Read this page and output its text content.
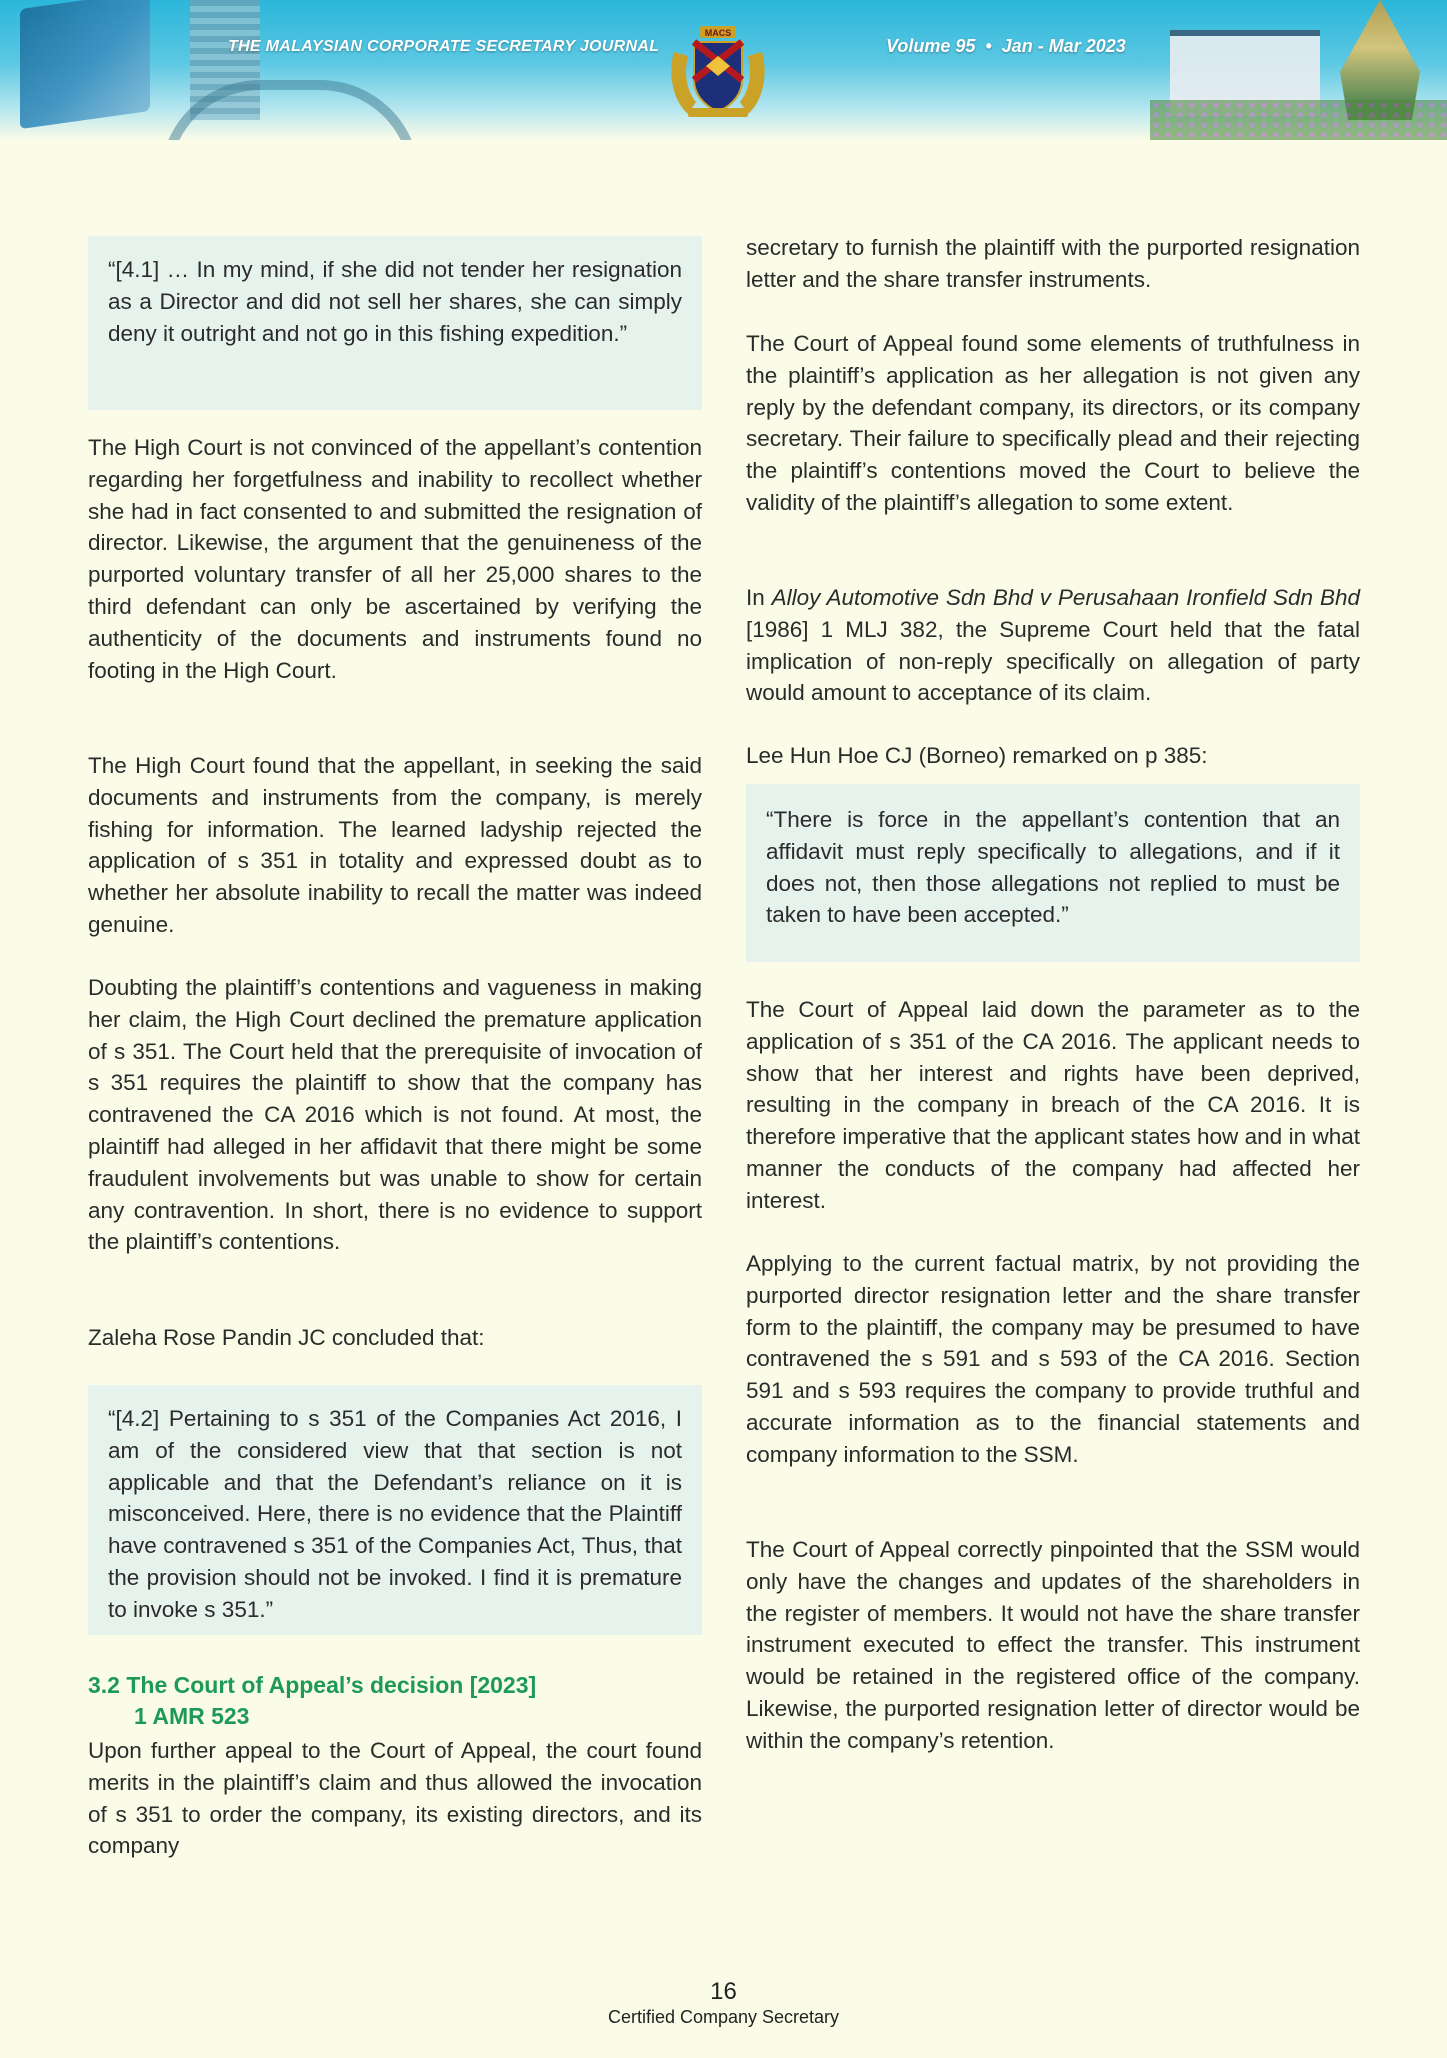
THE MALAYSIAN CORPORATE SECRETARY JOURNAL	Volume 95  •  Jan - Mar 2023
MACS

“[4.1] … In my mind, if she did not tender her resignation as a Director and did not sell her shares, she can simply deny it outright and not go in this fishing expedition.”

The High Court is not convinced of the appellant’s contention regarding her forgetfulness and inability to recollect whether she had in fact consented to and submitted the resignation of director. Likewise, the argument that the genuineness of the purported voluntary transfer of all her 25,000 shares to the third defendant can only be ascertained by verifying the authenticity of the documents and instruments found no footing in the High Court.

The High Court found that the appellant, in seeking the said documents and instruments from the company, is merely fishing for information. The learned ladyship rejected the application of s 351 in totality and expressed doubt as to whether her absolute inability to recall the matter was indeed genuine.

Doubting the plaintiff’s contentions and vagueness in making her claim, the High Court declined the premature application of s 351. The Court held that the prerequisite of invocation of s 351 requires the plaintiff to show that the company has contravened the CA 2016 which is not found. At most, the plaintiff had alleged in her affidavit that there might be some fraudulent involvements but was unable to show for certain any contravention. In short, there is no evidence to support the plaintiff’s contentions.

Zaleha Rose Pandin JC concluded that:

“[4.2] Pertaining to s 351 of the Companies Act 2016, I am of the considered view that that section is not applicable and that the Defendant’s reliance on it is misconceived. Here, there is no evidence that the Plaintiff have contravened s 351 of the Companies Act, Thus, that the provision should not be invoked. I find it is premature to invoke s 351.”

3.2 The Court of Appeal’s decision [2023]
1 AMR 523

Upon further appeal to the Court of Appeal, the court found merits in the plaintiff’s claim and thus allowed the invocation of s 351 to order the company, its existing directors, and its company

secretary to furnish the plaintiff with the purported resignation letter and the share transfer instruments.

The Court of Appeal found some elements of truthfulness in the plaintiff’s application as her allegation is not given any reply by the defendant company, its directors, or its company secretary. Their failure to specifically plead and their rejecting the plaintiff’s contentions moved the Court to believe the validity of the plaintiff’s allegation to some extent.

In Alloy Automotive Sdn Bhd v Perusahaan Ironfield Sdn Bhd [1986] 1 MLJ 382, the Supreme Court held that the fatal implication of non-reply specifically on allegation of party would amount to acceptance of its claim.

Lee Hun Hoe CJ (Borneo) remarked on p 385:

“There is force in the appellant’s contention that an affidavit must reply specifically to allegations, and if it does not, then those allegations not replied to must be taken to have been accepted.”

The Court of Appeal laid down the parameter as to the application of s 351 of the CA 2016. The applicant needs to show that her interest and rights have been deprived, resulting in the company in breach of the CA 2016. It is therefore imperative that the applicant states how and in what manner the conducts of the company had affected her interest.

Applying to the current factual matrix, by not providing the purported director resignation letter and the share transfer form to the plaintiff, the company may be presumed to have contravened the s 591 and s 593 of the CA 2016. Section 591 and s 593 requires the company to provide truthful and accurate information as to the financial statements and company information to the SSM.

The Court of Appeal correctly pinpointed that the SSM would only have the changes and updates of the shareholders in the register of members. It would not have the share transfer instrument executed to effect the transfer. This instrument would be retained in the registered office of the company. Likewise, the purported resignation letter of director would be within the company’s retention.

16
Certified Company Secretary
